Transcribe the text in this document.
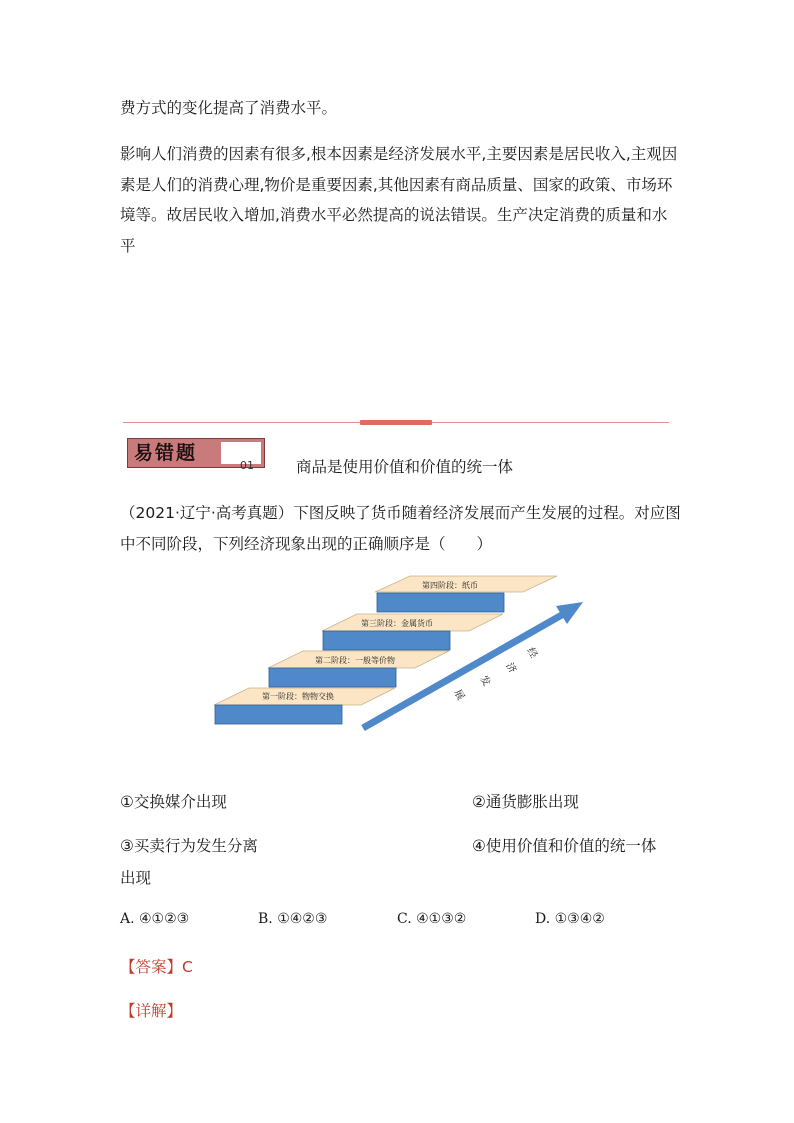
费方式的变化提高了消费水平。

影响人们消费的因素有很多,根本因素是经济发展水平,主要因素是居民收入,主观因素是人们的消费心理,物价是重要因素,其他因素有商品质量、国家的政策、市场环境等。故居民收入增加,消费水平必然提高的说法错误。生产决定消费的质量和水平

易错题
01	商品是使用价值和价值的统一体

（2021·辽宁·高考真题）下图反映了货币随着经济发展而产生发展的过程。对应图中不同阶段，下列经济现象出现的正确顺序是（　　）

第四阶段：纸币
第三阶段：金属货币
第二阶段：一般等价物
第一阶段：物物交换
经
济
发
展
①交换媒介出现	②通货膨胀出现
③买卖行为发生分离	④使用价值和价值的统一体
出现
A. ④①②③	B. ①④②③	C. ④①③②	D. ①③④②
【答案】C
【详解】
